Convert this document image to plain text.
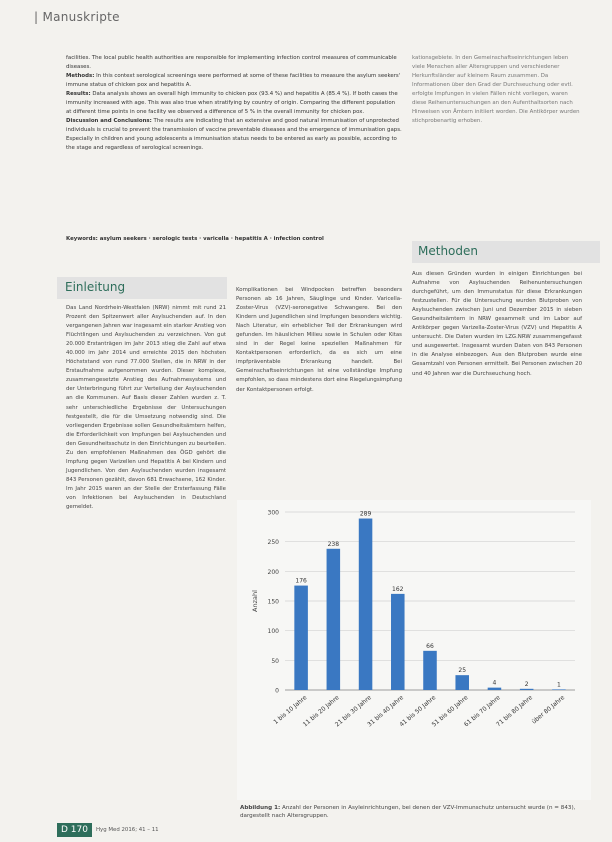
| Manuskripte

facilities. The local public health authorities are responsible for implementing infection control measures of communicable diseases.

Methods: In this context serological screenings were performed at some of these facilities to measure the asylum seekers' immune status of chicken pox and hepatitis A.

Results: Data analysis shows an overall high immunity to chicken pox (93.4 %) and hepatitis A (85.4 %). If both cases the immunity increased with age. This was also true when stratifying by country of origin. Comparing the different population at different time points in one facility we observed a difference of 5 % in the overall immunity for chicken pox.

Discussion and Conclusions: The results are indicating that an extensive and good natural immunisation of unprotected individuals is crucial to prevent the transmission of vaccine preventable diseases and the emergence of immunisation gaps. Especially in children and young adolescents a immunisation status needs to be entered as early as possible, according to the stage and regardless of serological screenings.

Keywords: asylum seekers · serologic tests · varicella · hepatitis A · infection control

kationsgebiete. In den Gemeinschaftseinrichtungen leben viele Menschen aller Altersgruppen und verschiedener Herkunftsländer auf kleinem Raum zusammen. Da Informationen über den Grad der Durchseuchung oder evtl. erfolgte Impfungen in vielen Fällen nicht vorliegen, waren diese Reihenuntersuchungen an den Aufenthaltsorten nach Hinweisen von Ämtern initiiert worden. Die Antikörper wurden stichprobenartig erhoben.

Methoden
Einleitung

Das Land Nordrhein-Westfalen (NRW) nimmt mit rund 21 Prozent den Spitzenwert aller Asylsuchenden auf. In den vergangenen Jahren war insgesamt ein starker Anstieg von Flüchtlingen und Asylsuchenden zu verzeichnen. Von gut 20.000 Erstanträgen im Jahr 2013 stieg die Zahl auf etwa 40.000 im Jahr 2014 und erreichte 2015 den höchsten Höchststand von rund 77.000 Stellen, die in NRW in der Erstaufnahme aufgenommen wurden. Dieser komplexe, zusammengesetzte Anstieg des Aufnahmesystems und der Unterbringung führt zur Verteilung der Asylsuchenden an die Kommunen. Auf Basis dieser Zahlen wurden z. T. sehr unterschiedliche Ergebnisse der Untersuchungen festgestellt, die für die Umsetzung notwendig sind. Die vorliegenden Ergebnisse sollen Gesundheitsämtern helfen, die Erforderlichkeit von Impfungen bei Asylsuchenden und den Gesundheitsschutz in den Einrichtungen zu beurteilen. Zu den empfohlenen Maßnahmen des ÖGD gehört die Impfung gegen Varizellen und Hepatitis A bei Kindern und Jugendlichen. Von den Asylsuchenden wurden insgesamt 843 Personen gezählt, davon 681 Erwachsene, 162 Kinder. Im Jahr 2015 waren an der Stelle der Ersterfassung Fälle von Infektionen bei Asylsuchenden in Deutschland gemeldet.

Komplikationen bei Windpocken betreffen besonders Personen ab 16 Jahren, Säuglinge und Kinder. Varicella-Zoster-Virus (VZV)-seronegative Schwangere. Bei den Kindern und Jugendlichen sind Impfungen besonders wichtig. Nach Literatur, ein erheblicher Teil der Erkrankungen wird gefunden. Im häuslichen Milieu sowie in Schulen oder Kitas sind in der Regel keine speziellen Maßnahmen für Kontaktpersonen erforderlich, da es sich um eine impfpräventable Erkrankung handelt. Bei Gemeinschaftseinrichtungen ist eine vollständige Impfung empfohlen, so dass mindestens dort eine Riegelungsimpfung der Kontaktpersonen erfolgt.

Aus diesen Gründen wurden in einigen Einrichtungen bei Aufnahme von Asylsuchenden Reihenuntersuchungen durchgeführt, um den Immunstatus für diese Erkrankungen festzustellen. Für die Untersuchung wurden Blutproben von Asylsuchenden zwischen Juni und Dezember 2015 in sieben Gesundheitsämtern in NRW gesammelt und im Labor auf Antikörper gegen Varizella-Zoster-Virus (VZV) und Hepatitis A untersucht. Die Daten wurden im LZG.NRW zusammengefasst und ausgewertet. Insgesamt wurden Daten von 843 Personen in die Analyse einbezogen. Aus den Blutproben wurde eine Gesamtzahl von Personen ermittelt. Bei Personen zwischen 20 und 40 Jahren war die Durchseuchung hoch.

0
50
100
150
200
250
300
Anzahl
176
1 bis 10 Jahre
238
11 bis 20 Jahre
289
21 bis 30 Jahre
162
31 bis 40 Jahre
66
41 bis 50 Jahre
25
51 bis 60 Jahre
4
61 bis 70 Jahre
2
71 bis 80 Jahre
1
über 80 Jahre
Abbildung 1: Anzahl der Personen in Asyleinrichtungen, bei denen der VZV-Immunschutz untersucht wurde (n = 843), dargestellt nach Altersgruppen.
D 170	Hyg Med 2016; 41 – 11
